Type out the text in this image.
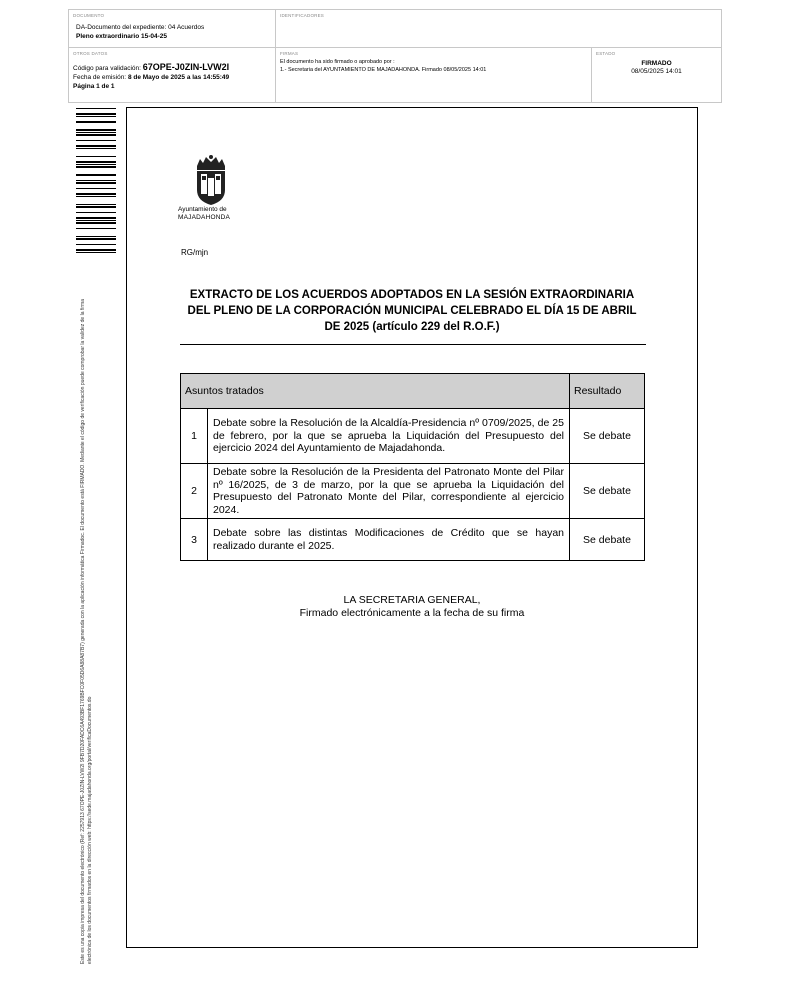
DOCUMENTO
DA-Documento del expediente: 04 Acuerdos
Pleno extraordinario 15-04-25
IDENTIFICADORES
OTROS DATOS
Código para validación: 67OPE-J0ZIN-LVW2I
Fecha de emisión: 8 de Mayo de 2025 a las 14:55:49
Página 1 de 1
FIRMAS
El documento ha sido firmado o aprobado por :
1.- Secretaria del AYUNTAMIENTO DE MAJADAHONDA. Firmado 08/05/2025 14:01
ESTADO
FIRMADO
08/05/2025 14:01
Este es una copia impresa del documento electrónico (Ref: 2257913 67OPE-J0ZIN-LVW2I 9FB7D20FADC6A493BF1769BFC0F05D6A88A87B7) generada con la aplicación informática Firmadoc. El documento está FIRMADO. Mediante el código de verificación puede comprobar la validez de la firma electrónica de los documentos firmados en la dirección web: https://sede.majadahonda.org/portal/verificaDocumentos.do
Ayuntamiento de
MAJADAHONDA
RG/mjn
EXTRACTO DE LOS ACUERDOS ADOPTADOS EN LA SESIÓN EXTRAORDINARIA
DEL PLENO DE LA CORPORACIÓN MUNICIPAL CELEBRADO EL DÍA 15 DE ABRIL
DE 2025 (artículo 229 del R.O.F.)
Asuntos tratados		Resultado
1	Debate sobre la Resolución de la Alcaldía-Presidencia nº 0709/2025, de 25 de febrero, por la que se aprueba la Liquidación del Presupuesto del ejercicio 2024 del Ayuntamiento de Majadahonda.	Se debate
2	Debate sobre la Resolución de la Presidenta del Patronato Monte del Pilar nº 16/2025, de 3 de marzo, por la que se aprueba la Liquidación del Presupuesto del Patronato Monte del Pilar, correspondiente al ejercicio 2024.	Se debate
3	Debate sobre las distintas Modificaciones de Crédito que se hayan realizado durante el 2025.	Se debate
LA SECRETARIA GENERAL,
Firmado electrónicamente a la fecha de su firma
